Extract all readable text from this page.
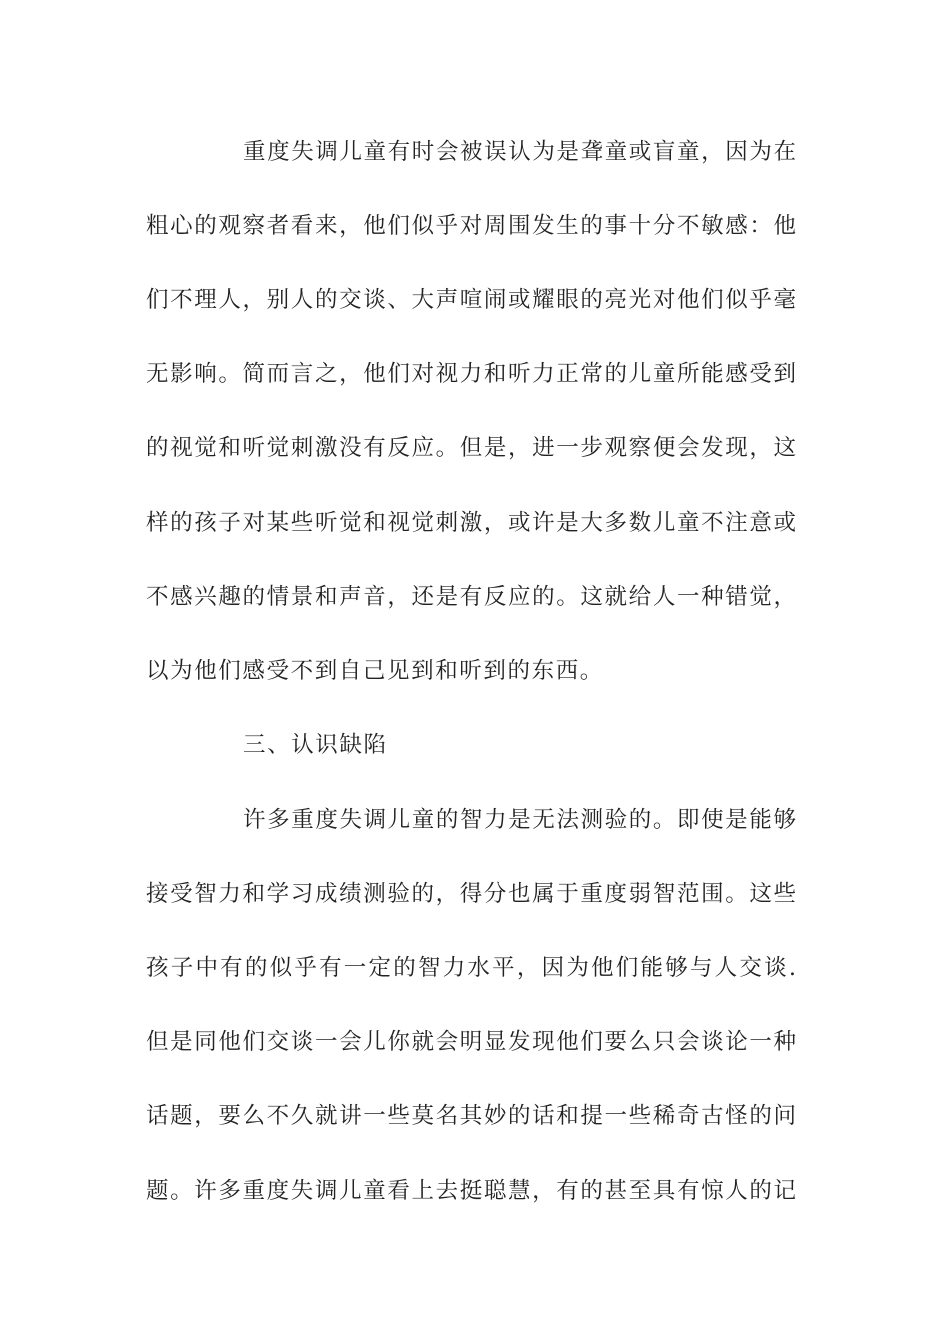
重度失调儿童有时会被误认为是聋童或盲童，因为在
粗心的观察者看来，他们似乎对周围发生的事十分不敏感：他
们不理人，别人的交谈、大声喧闹或耀眼的亮光对他们似乎毫
无影响。简而言之，他们对视力和听力正常的儿童所能感受到
的视觉和听觉刺激没有反应。但是，进一步观察便会发现，这
样的孩子对某些听觉和视觉刺激，或许是大多数儿童不注意或
不感兴趣的情景和声音，还是有反应的。这就给人一种错觉，
以为他们感受不到自己见到和听到的东西。
三、认识缺陷
许多重度失调儿童的智力是无法测验的。即使是能够
接受智力和学习成绩测验的，得分也属于重度弱智范围。这些
孩子中有的似乎有一定的智力水平，因为他们能够与人交谈.
但是同他们交谈一会儿你就会明显发现他们要么只会谈论一种
话题，要么不久就讲一些莫名其妙的话和提一些稀奇古怪的问
题。许多重度失调儿童看上去挺聪慧，有的甚至具有惊人的记
